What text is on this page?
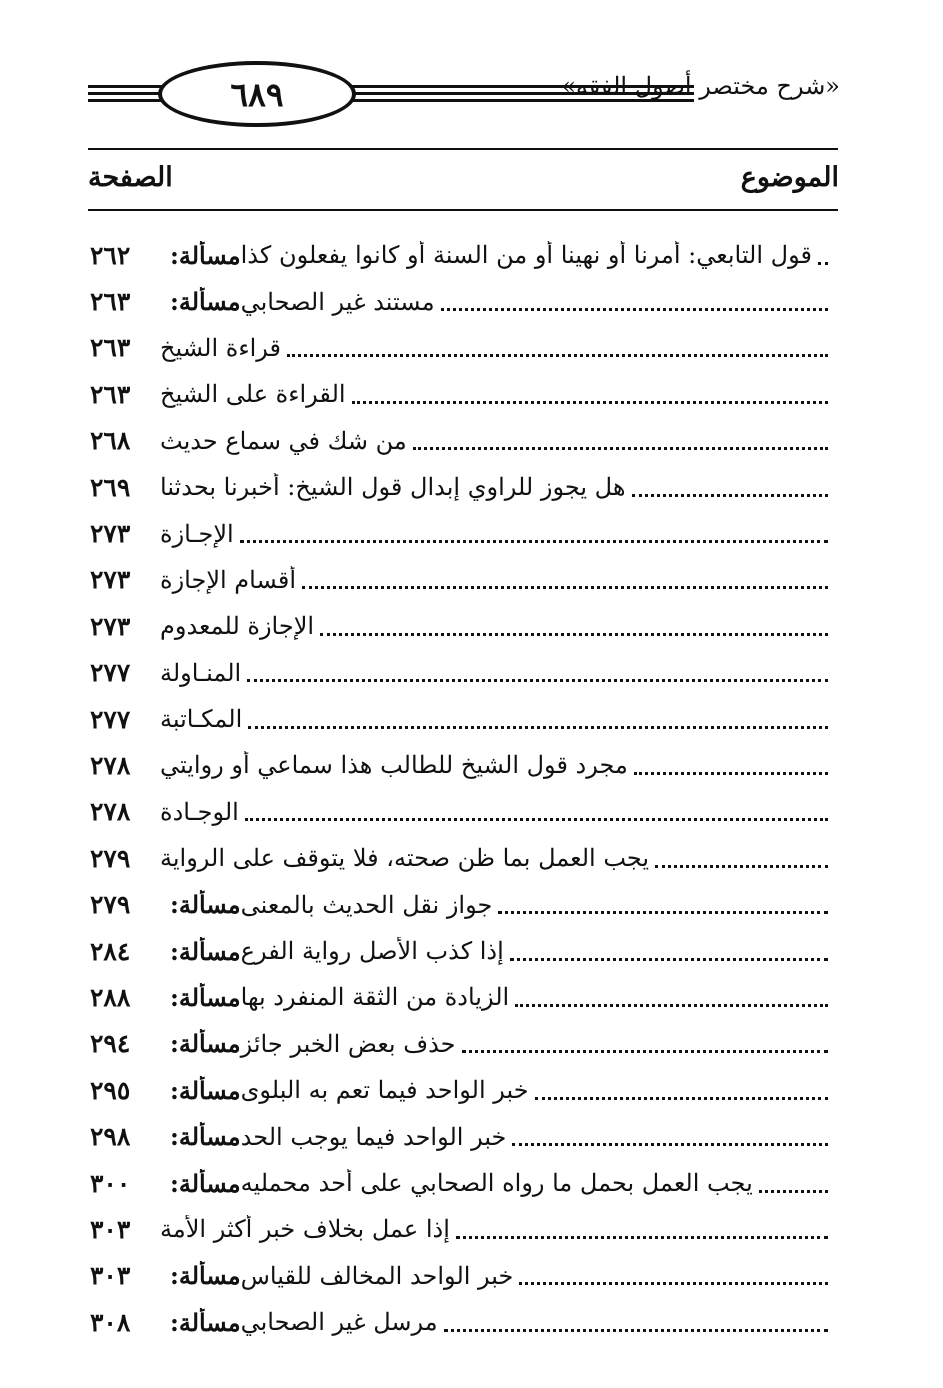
٦٨٩	«شرح مختصر أصول الفقه»
الموضوع
الصفحة
مسألة: قول التابعي: أمرنا أو نهينا أو من السنة أو كانوا يفعلون كذا
٢٦٢
مسألة: مستند غير الصحابي
٢٦٣
قراءة الشيخ
٢٦٣
القراءة على الشيخ
٢٦٣
من شك في سماع حديث
٢٦٨
هل يجوز للراوي إبدال قول الشيخ: أخبرنا بحدثنا
٢٦٩
الإجـازة
٢٧٣
أقسام الإجازة
٢٧٣
الإجازة للمعدوم
٢٧٣
المنـاولة
٢٧٧
المكـاتبة
٢٧٧
مجرد قول الشيخ للطالب هذا سماعي أو روايتي
٢٧٨
الوجـادة
٢٧٨
يجب العمل بما ظن صحته، فلا يتوقف على الرواية
٢٧٩
مسألة: جواز نقل الحديث بالمعنى
٢٧٩
مسألة: إذا كذب الأصل رواية الفرع
٢٨٤
مسألة: الزيادة من الثقة المنفرد بها
٢٨٨
مسألة: حذف بعض الخبر جائز
٢٩٤
مسألة: خبر الواحد فيما تعم به البلوى
٢٩٥
مسألة: خبر الواحد فيما يوجب الحد
٢٩٨
مسألة: يجب العمل بحمل ما رواه الصحابي على أحد محمليه
٣٠٠
إذا عمل بخلاف خبر أكثر الأمة
٣٠٣
مسألة: خبر الواحد المخالف للقياس
٣٠٣
مسألة: مرسل غير الصحابي
٣٠٨
